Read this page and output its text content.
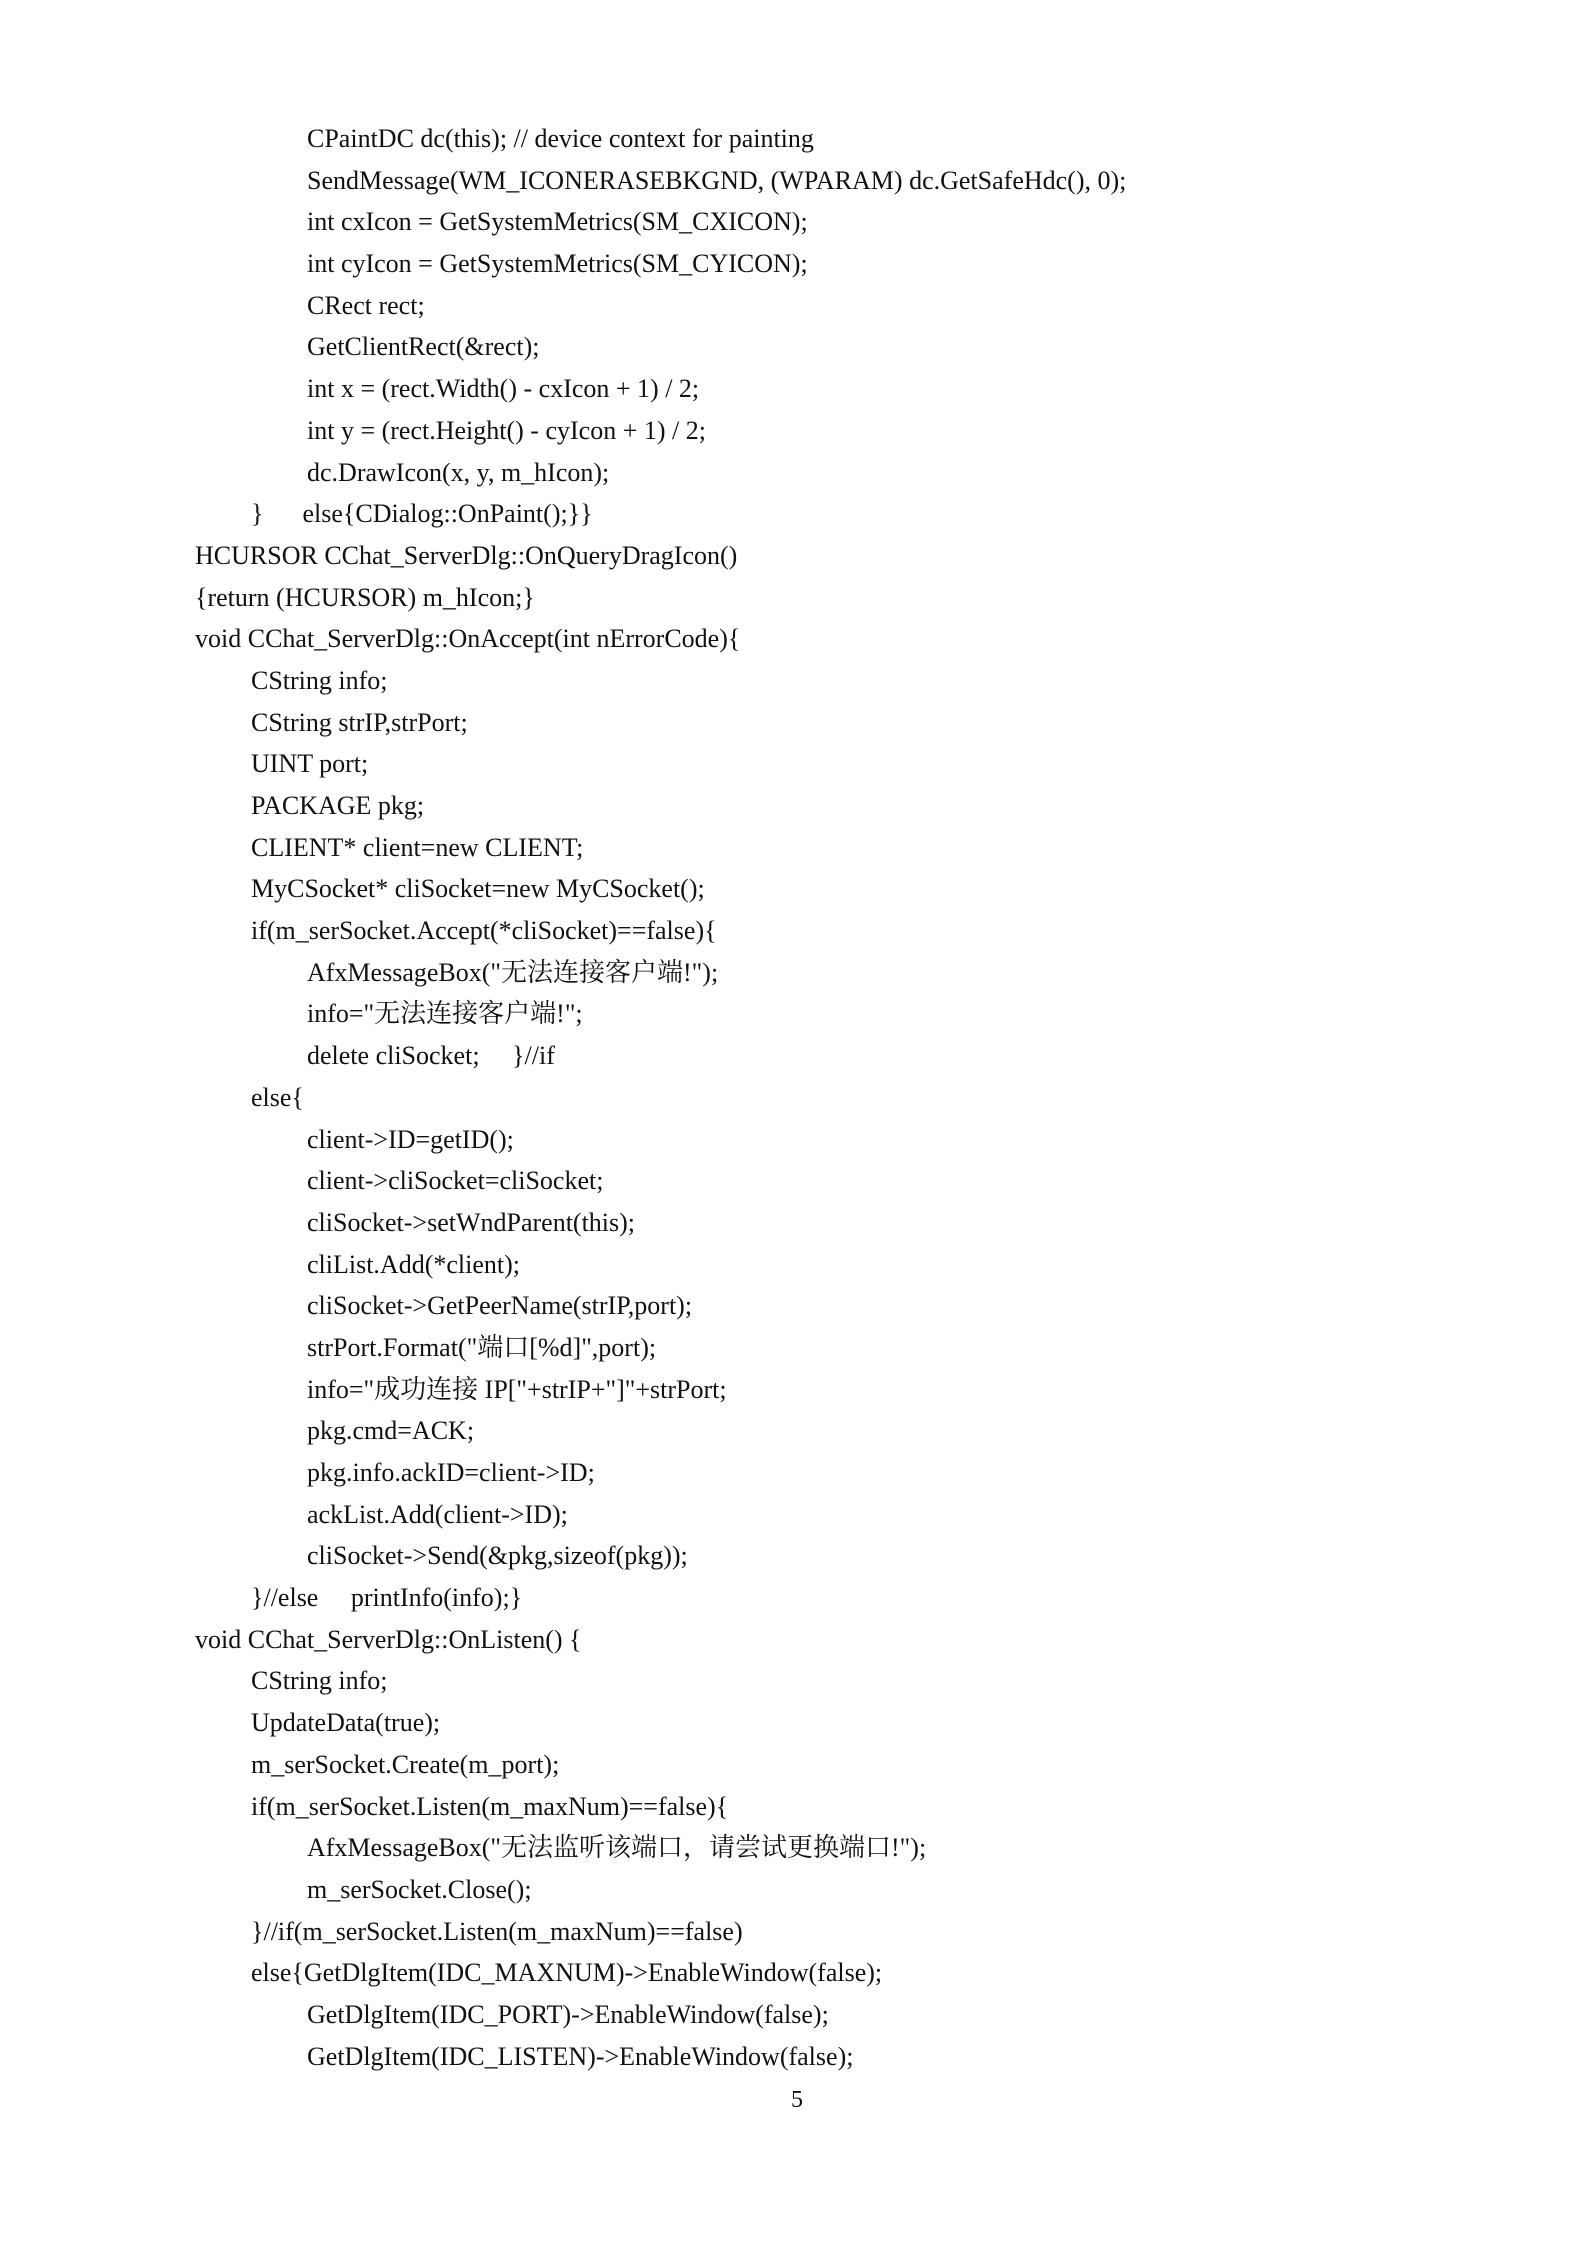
CPaintDC dc(this); // device context for painting
SendMessage(WM_ICONERASEBKGND, (WPARAM) dc.GetSafeHdc(), 0);
int cxIcon = GetSystemMetrics(SM_CXICON);
int cyIcon = GetSystemMetrics(SM_CYICON);
CRect rect;
GetClientRect(&rect);
int x = (rect.Width() - cxIcon + 1) / 2;
int y = (rect.Height() - cyIcon + 1) / 2;
dc.DrawIcon(x, y, m_hIcon);
}      else{CDialog::OnPaint();}}
HCURSOR CChat_ServerDlg::OnQueryDragIcon()
{return (HCURSOR) m_hIcon;}
void CChat_ServerDlg::OnAccept(int nErrorCode){
CString info;
CString strIP,strPort;
UINT port;
PACKAGE pkg;
CLIENT* client=new CLIENT;
MyCSocket* cliSocket=new MyCSocket();
if(m_serSocket.Accept(*cliSocket)==false){
AfxMessageBox("无法连接客户端!");
info="无法连接客户端!";
delete cliSocket;     }//if
else{
client->ID=getID();
client->cliSocket=cliSocket;
cliSocket->setWndParent(this);
cliList.Add(*client);
cliSocket->GetPeerName(strIP,port);
strPort.Format("端口[%d]",port);
info="成功连接 IP["+strIP+"]"+strPort;
pkg.cmd=ACK;
pkg.info.ackID=client->ID;
ackList.Add(client->ID);
cliSocket->Send(&pkg,sizeof(pkg));
}//else     printInfo(info);}
void CChat_ServerDlg::OnListen() {
CString info;
UpdateData(true);
m_serSocket.Create(m_port);
if(m_serSocket.Listen(m_maxNum)==false){
AfxMessageBox("无法监听该端口，请尝试更换端口!");
m_serSocket.Close();
}//if(m_serSocket.Listen(m_maxNum)==false)
else{GetDlgItem(IDC_MAXNUM)->EnableWindow(false);
GetDlgItem(IDC_PORT)->EnableWindow(false);
GetDlgItem(IDC_LISTEN)->EnableWindow(false);
5
